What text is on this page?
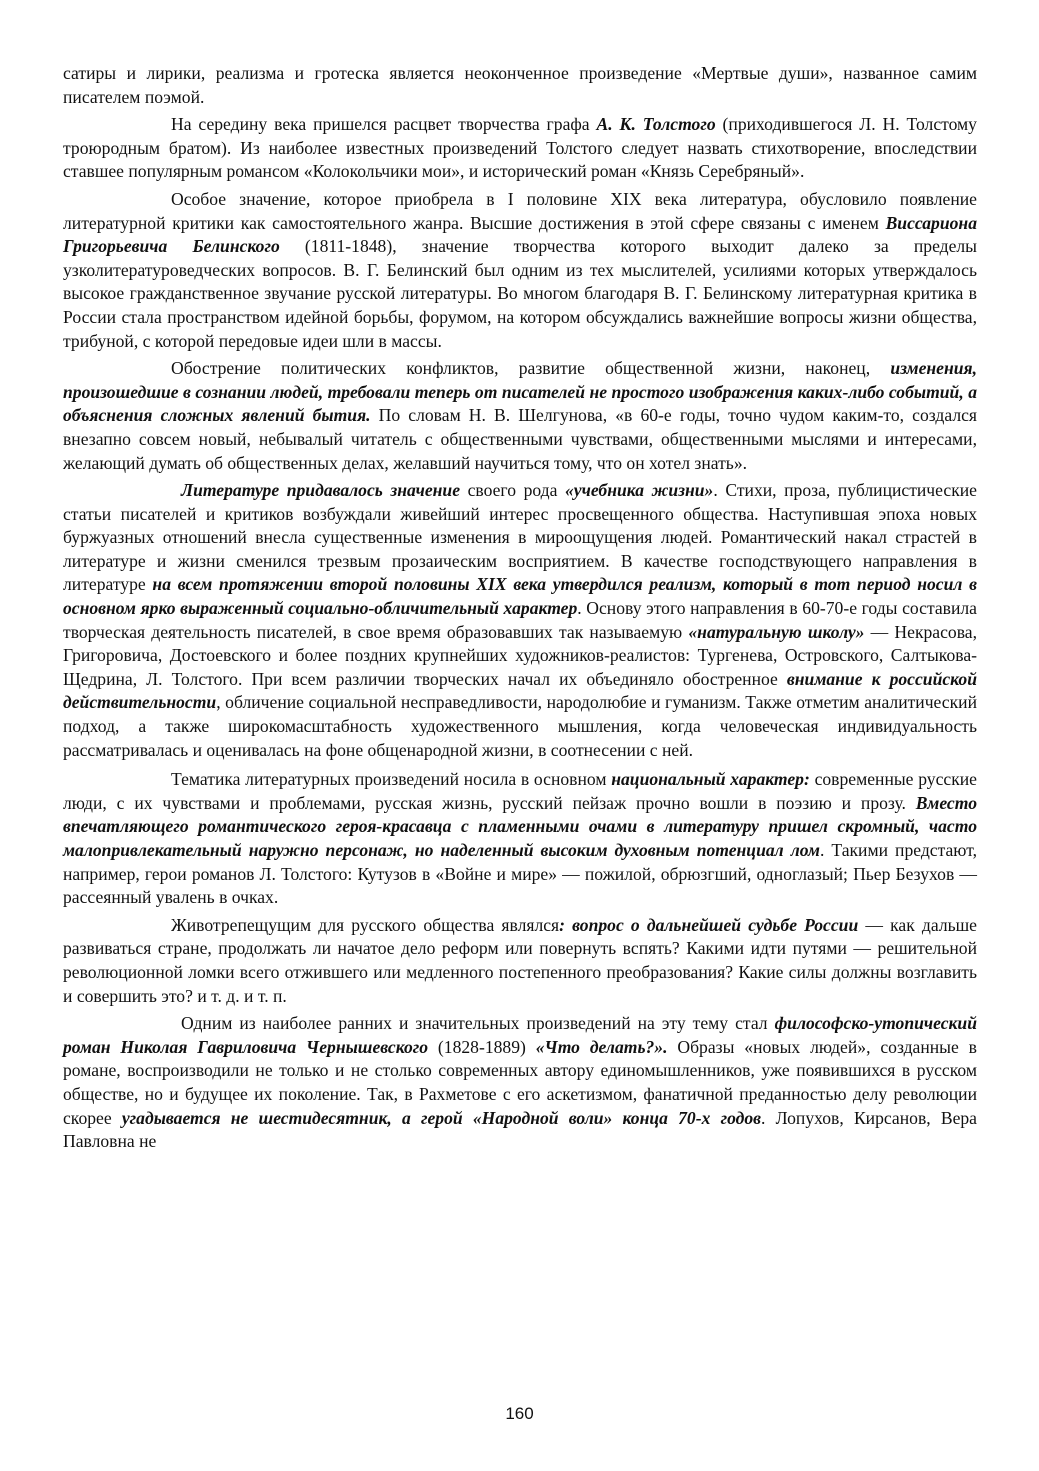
сатиры и лирики, реализма и гротеска является неоконченное произведение «Мертвые души», названное самим писателем поэмой.

На середину века пришелся расцвет творчества графа А. К. Толстого (приходившегося Л. Н. Толстому троюродным братом). Из наиболее известных произведений Толстого следует назвать стихотворение, впоследствии ставшее популярным романсом «Колокольчики мои», и исторический роман «Князь Серебряный».

Особое значение, которое приобрела в I половине XIX века литература, обусловило появление литературной критики как самостоятельного жанра. Высшие достижения в этой сфере связаны с именем Виссариона Григорьевича Белинского (1811-1848), значение творчества которого выходит далеко за пределы узколитературоведческих вопросов. В. Г. Белинский был одним из тех мыслителей, усилиями которых утверждалось высокое гражданственное звучание русской литературы. Во многом благодаря В. Г. Белинскому литературная критика в России стала пространством идейной борьбы, форумом, на котором обсуждались важнейшие вопросы жизни общества, трибуной, с которой передовые идеи шли в массы.

Обострение политических конфликтов, развитие общественной жизни, наконец, изменения, произошедшие в сознании людей, требовали теперь от писателей не простого изображения каких-либо событий, а объяснения сложных явлений бытия. По словам Н. В. Шелгунова, «в 60-е годы, точно чудом каким-то, создался внезапно совсем новый, небывалый читатель с общественными чувствами, общественными мыслями и интересами, желающий думать об общественных делах, желавший научиться тому, что он хотел знать».

Литературе придавалось значение своего рода «учебника жизни». Стихи, проза, публицистические статьи писателей и критиков возбуждали живейший интерес просвещенного общества. Наступившая эпоха новых буржуазных отношений внесла существенные изменения в мироощущения людей. Романтический накал страстей в литературе и жизни сменился трезвым прозаическим восприятием. В качестве господствующего направления в литературе на всем протяжении второй половины XIX века утвердился реализм, который в тот период носил в основном ярко выраженный социально-обличительный характер. Основу этого направления в 60-70-е годы составила творческая деятельность писателей, в свое время образовавших так называемую «натуральную школу» — Некрасова, Григоровича, Достоевского и более поздних крупнейших художников-реалистов: Тургенева, Островского, Салтыкова-Щедрина, Л. Толстого. При всем различии творческих начал их объединяло обостренное внимание к российской действительности, обличение социальной несправедливости, народолюбие и гуманизм. Также отметим аналитический подход, а также широкомасштабность художественного мышления, когда человеческая индивидуальность рассматривалась и оценивалась на фоне общенародной жизни, в соотнесении с ней.

Тематика литературных произведений носила в основном национальный характер: современные русские люди, с их чувствами и проблемами, русская жизнь, русский пейзаж прочно вошли в поэзию и прозу. Вместо впечатляющего романтического героя-красавца с пламенными очами в литературу пришел скромный, часто малопривлекательный наружно персонаж, но наделенный высоким духовным потенциал лом. Такими предстают, например, герои романов Л. Толстого: Кутузов в «Войне и мире» — пожилой, обрюзгший, одноглазый; Пьер Безухов — рассеянный увалень в очках.

Животрепещущим для русского общества являлся: вопрос о дальнейшей судьбе России — как дальше развиваться стране, продолжать ли начатое дело реформ или повернуть вспять? Какими идти путями — решительной революционной ломки всего отжившего или медленного постепенного преобразования? Какие силы должны возглавить и совершить это? и т. д. и т. п.

Одним из наиболее ранних и значительных произведений на эту тему стал философско-утопический роман Николая Гавриловича Чернышевского (1828-1889) «Что делать?». Образы «новых людей», созданные в романе, воспроизводили не только и не столько современных автору единомышленников, уже появившихся в русском обществе, но и будущее их поколение. Так, в Рахметове с его аскетизмом, фанатичной преданностью делу революции скорее угадывается не шестидесятник, а герой «Народной воли» конца 70-х годов. Лопухов, Кирсанов, Вера Павловна не

160
